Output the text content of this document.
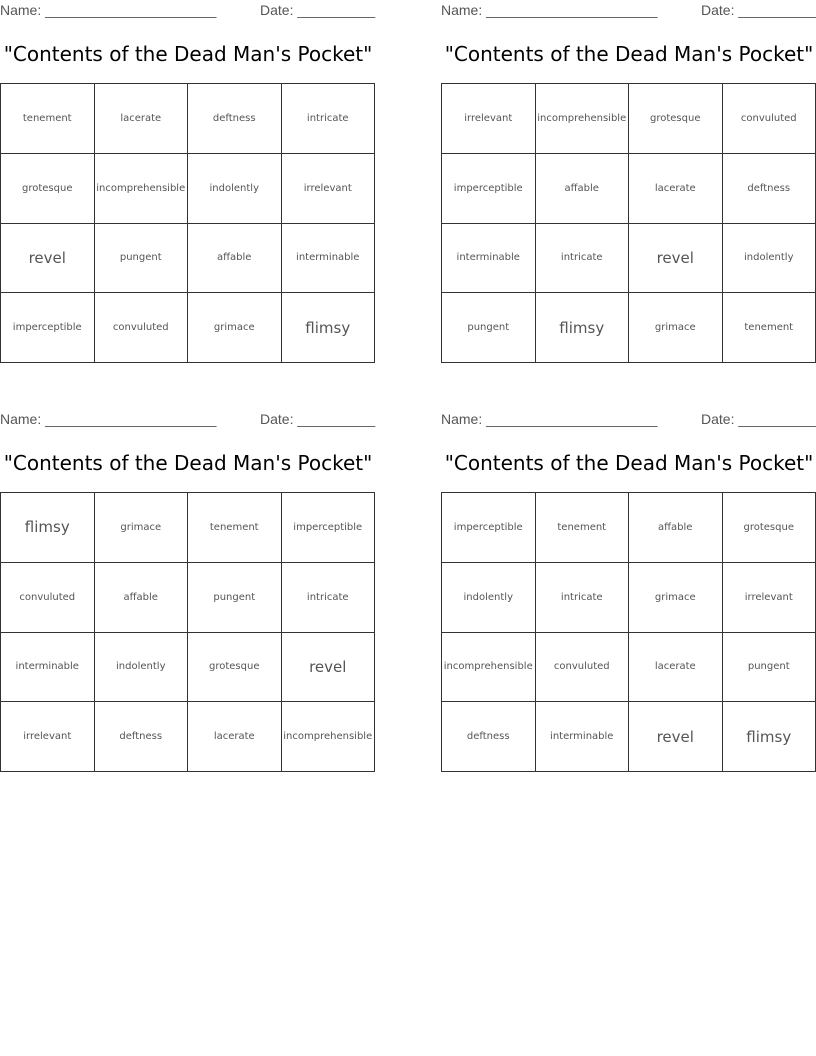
Name: ______________________	Date: __________
"Contents of the Dead Man's Pocket"
tenement	lacerate	deftness	intricate
grotesque	incomprehensible	indolently	irrelevant
revel	pungent	affable	interminable
imperceptible	convuluted	grimace	flimsy
Name: ______________________	Date: __________
"Contents of the Dead Man's Pocket"
irrelevant	incomprehensible	grotesque	convuluted
imperceptible	affable	lacerate	deftness
interminable	intricate	revel	indolently
pungent	flimsy	grimace	tenement
Name: ______________________	Date: __________
"Contents of the Dead Man's Pocket"
flimsy	grimace	tenement	imperceptible
convuluted	affable	pungent	intricate
interminable	indolently	grotesque	revel
irrelevant	deftness	lacerate	incomprehensible
Name: ______________________	Date: __________
"Contents of the Dead Man's Pocket"
imperceptible	tenement	affable	grotesque
indolently	intricate	grimace	irrelevant
incomprehensible	convuluted	lacerate	pungent
deftness	interminable	revel	flimsy
